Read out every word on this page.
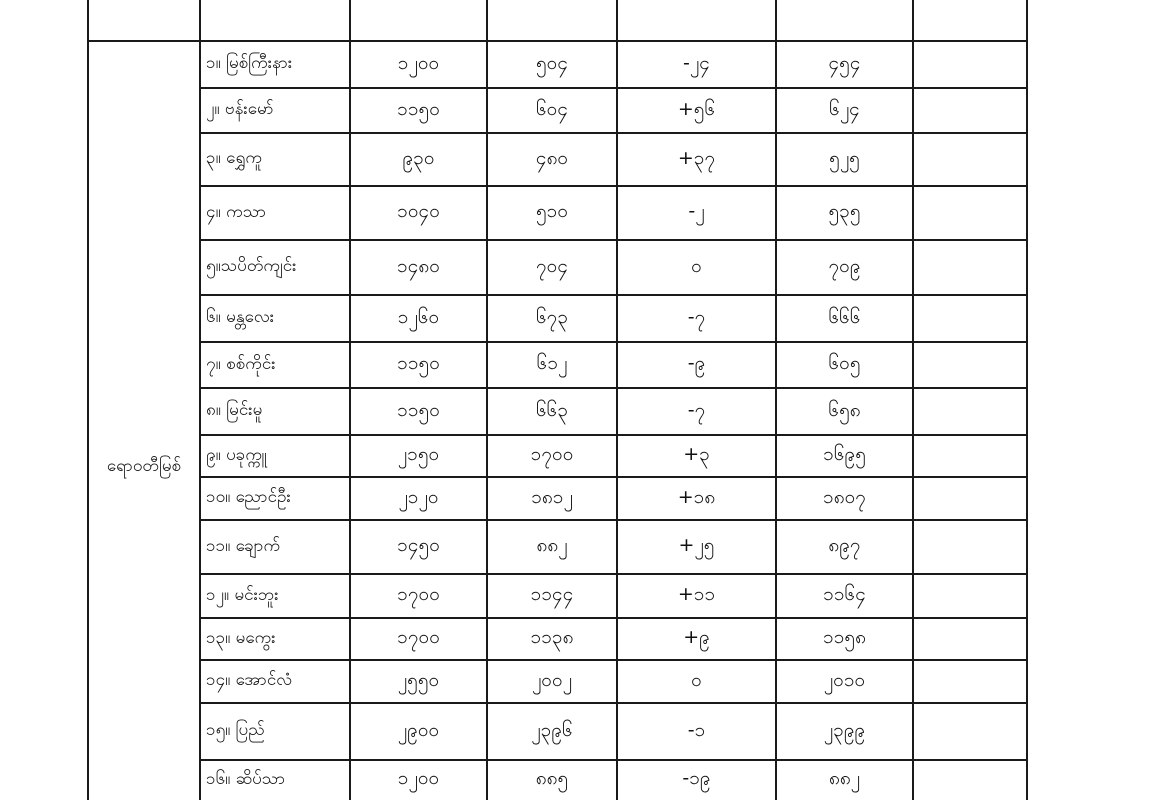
ရောဝတီမြစ်
၁။ မြစ်ကြီးနား	၁၂၀၀	၅၀၄	-၂၄	၄၅၄
၂။ ဗန်းမော်	၁၁၅၀	၆၀၄	+၅၆	၆၂၄
၃။ ရွှေကူ	၉၃၀	၄၈၀	+၃၇	၅၂၅
၄။ ကသာ	၁၀၄၀	၅၁၀	-၂	၅၃၅
၅။သပိတ်ကျင်း	၁၄၈၀	၇၀၄	၀	၇၀၉
၆။ မန္တလေး	၁၂၆၀	၆၇၃	-၇	၆၆၆
၇။ စစ်ကိုင်း	၁၁၅၀	၆၁၂	-၉	၆၀၅
၈။ မြင်းမူ	၁၁၅၀	၆၆၃	-၇	၆၅၈
၉။ ပခုက္ကူ	၂၁၅၀	၁၇၀၀	+၃	၁၆၉၅
၁၀။ ညောင်ဦး	၂၁၂၀	၁၈၁၂	+၁၈	၁၈၀၇
၁၁။ ချောက်	၁၄၅၀	၈၈၂	+၂၅	၈၉၇
၁၂။ မင်းဘူး	၁၇၀၀	၁၁၄၄	+၁၁	၁၁၆၄
၁၃။ မကွေး	၁၇၀၀	၁၁၃၈	+၉	၁၁၅၈
၁၄။ အောင်လံ	၂၅၅၀	၂၀၀၂	၀	၂၀၁၀
၁၅။ ပြည်	၂၉၀၀	၂၃၉၆	-၁	၂၃၉၉
၁၆။ ဆိပ်သာ	၁၂၀၀	၈၈၅	-၁၉	၈၈၂
